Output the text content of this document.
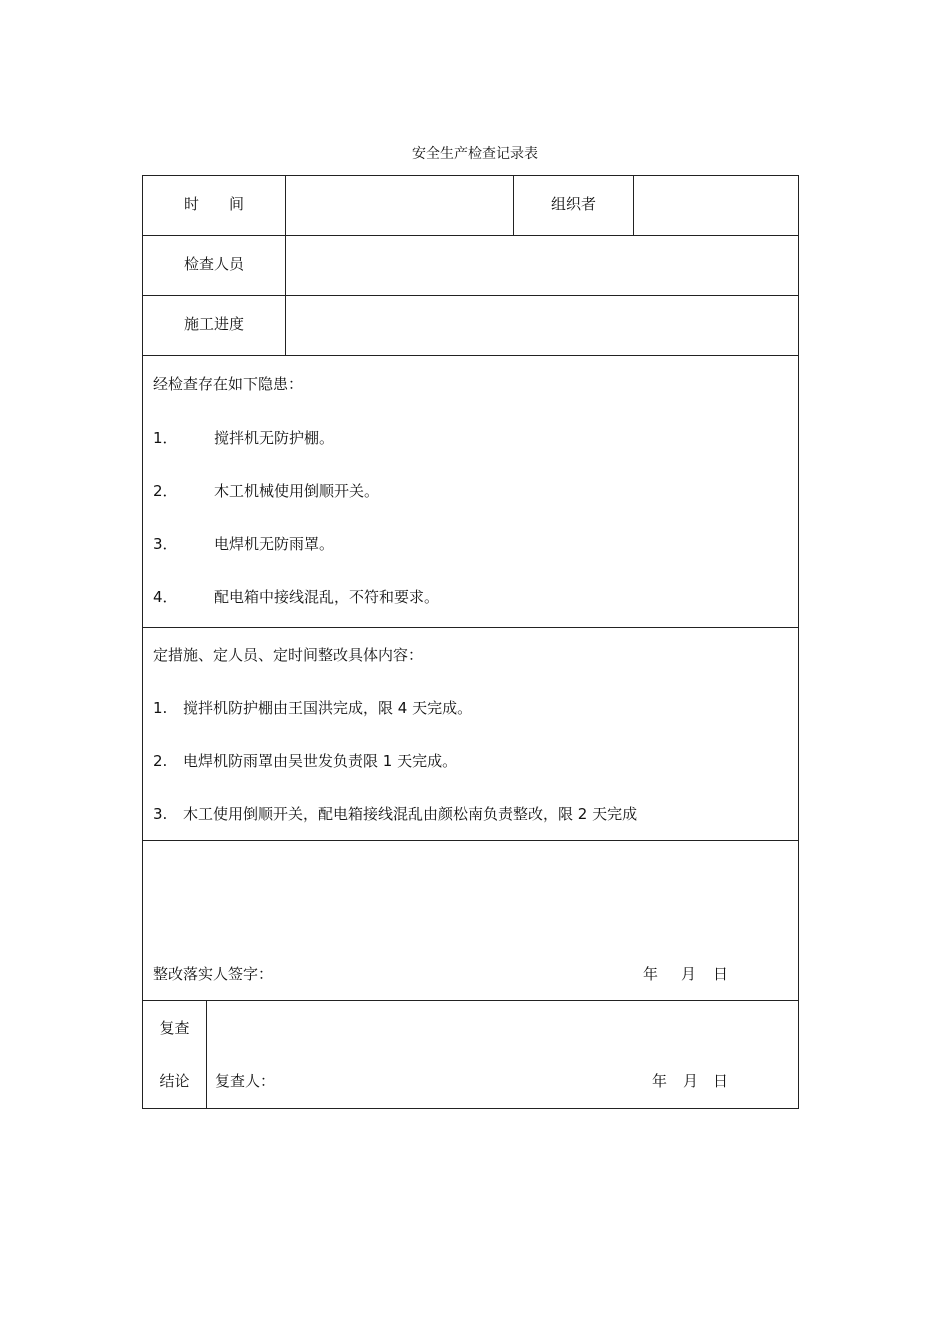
安全生产检查记录表
时　　间	组织者
检查人员
施工进度
经检查存在如下隐患：
1． 搅拌机无防护棚。
2． 木工机械使用倒顺开关。
3． 电焊机无防雨罩。
4． 配电箱中接线混乱，不符和要求。
定措施、定人员、定时间整改具体内容：
1. 搅拌机防护棚由王国洪完成，限 4 天完成。
2. 电焊机防雨罩由吴世发负责限 1 天完成。
3. 木工使用倒顺开关，配电箱接线混乱由颜松南负责整改，限 2 天完成
整改落实人签字：	年 月 日
复查
结论	复查人：	年 月 日
